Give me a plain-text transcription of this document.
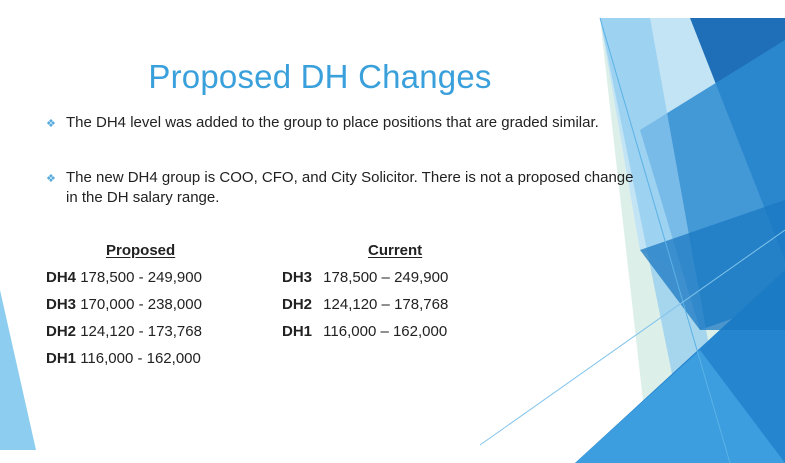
Proposed DH Changes
❖ The DH4 level was added to the group to place positions that are graded similar.
❖ The new DH4 group is COO, CFO, and City Solicitor. There is not a proposed change in the DH salary range.
Proposed	Current
DH4 178,500 - 249,900
DH3 170,000 - 238,000
DH2 124,120 - 173,768
DH1 116,000 - 162,000
DH3 178,500 – 249,900
DH2 124,120 – 178,768
DH1 116,000 – 162,000
